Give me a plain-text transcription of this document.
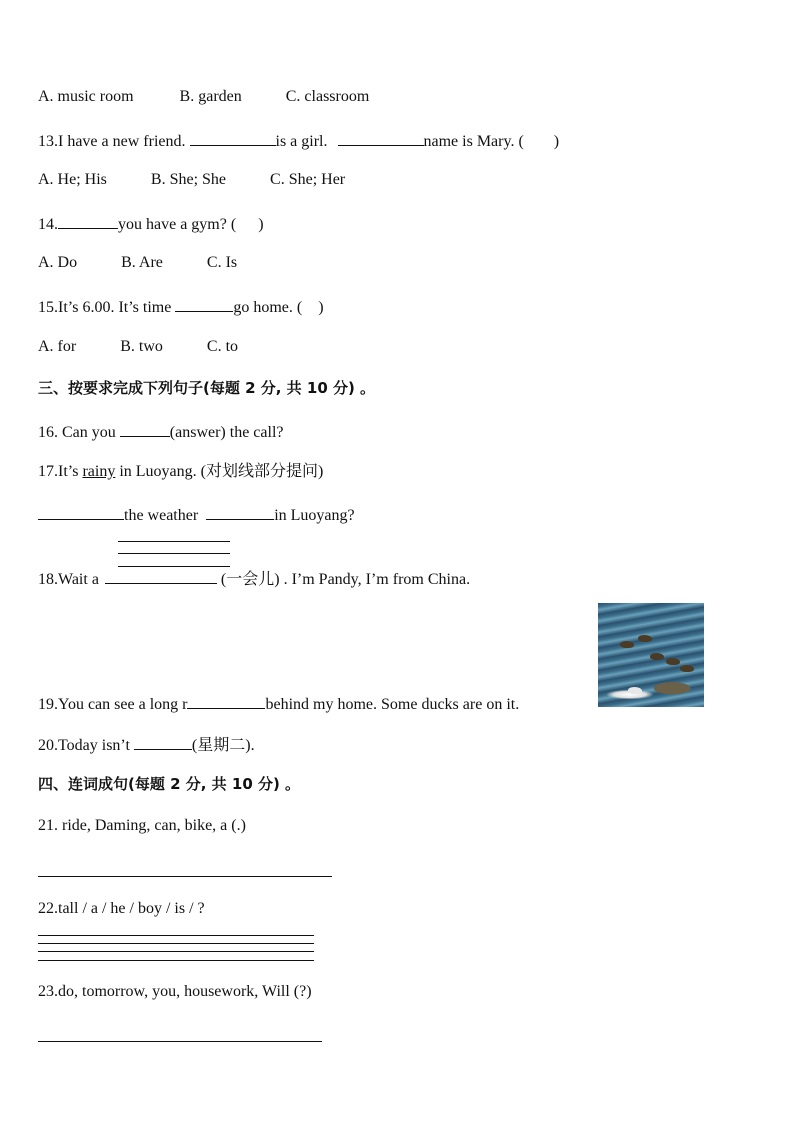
A. music room	B. garden	C. classroom
13.I have a new friend.	is a girl.	name is Mary. ( )
A. He; His	B. She; She	C. She; Her
14.	you have a gym? ( )
A. Do	B. Are	C. Is
15.It’s 6.00. It’s time	go home. ( )
A. for	B. two	C. to
三、按要求完成下列句子(每题 2 分, 共 10 分) 。
16. Can you	(answer) the call?
17.It’s rainy in Luoyang. (对划线部分提问)
the weather	in Luoyang?
18.Wait a	(一会儿) . I’m Pandy, I’m from China.
19.You can see a long r	behind my home. Some ducks are on it.
20.Today isn’t	(星期二).
四、连词成句(每题 2 分, 共 10 分) 。
21. ride, Daming, can, bike, a (.)
22.tall / a / he / boy / is / ?
23.do, tomorrow, you, housework, Will (?)
